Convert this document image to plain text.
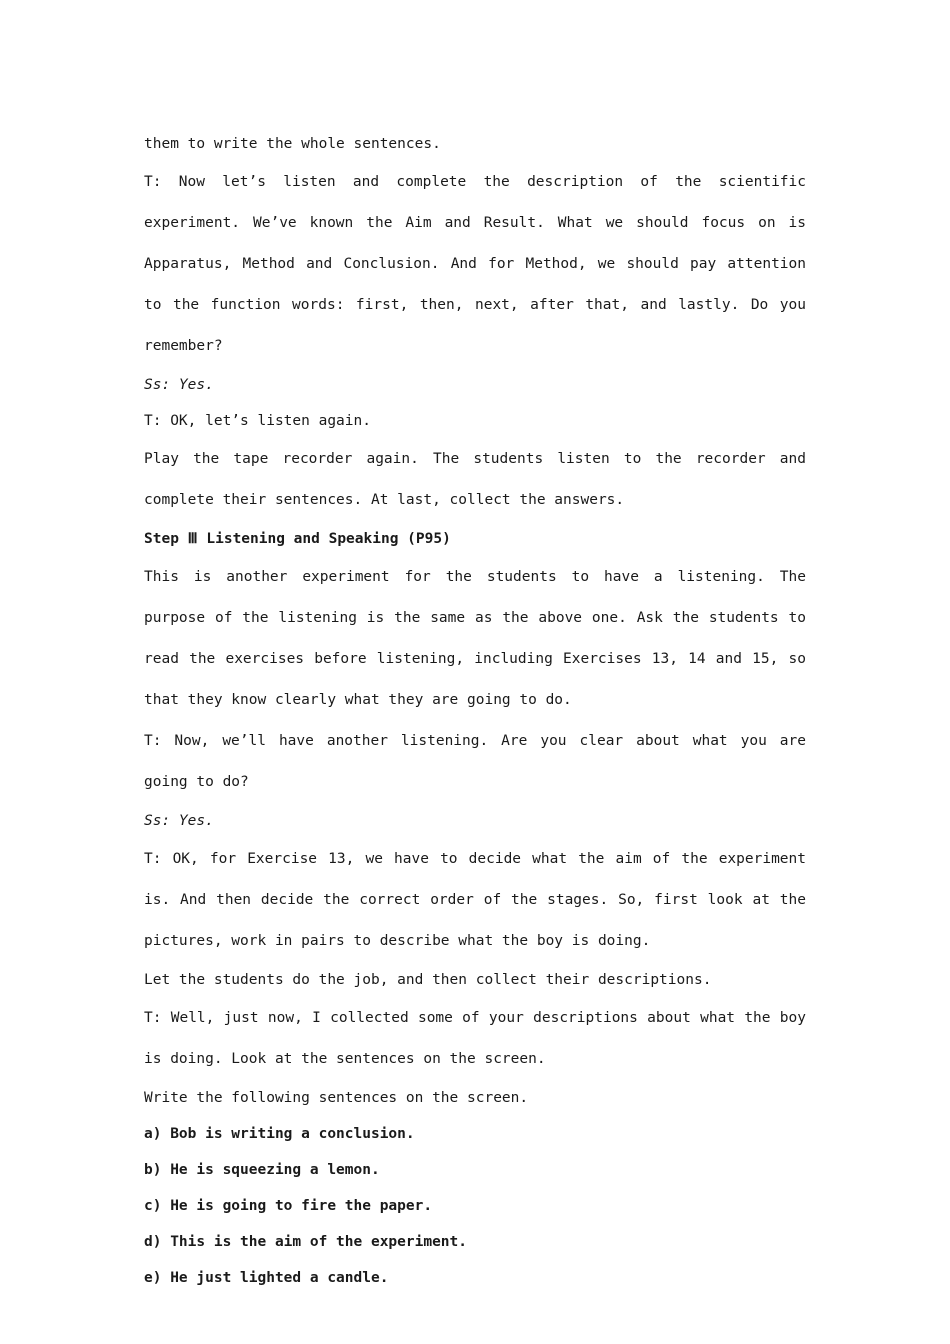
them to write the whole sentences.

T: Now let’s listen and complete the description of the scientific experiment. We’ve known the Aim and Result. What we should focus on is Apparatus, Method and Conclusion. And for Method, we should pay attention to the function words: first, then, next, after that, and lastly. Do you remember?

Ss: Yes.

T: OK, let’s listen again.

Play the tape recorder again. The students listen to the recorder and complete their sentences. At last, collect the answers.

Step Ⅲ Listening and Speaking (P95)

This is another experiment for the students to have a listening. The purpose of the listening is the same as the above one. Ask the students to read the exercises before listening, including Exercises 13, 14 and 15, so that they know clearly what they are going to do.

T: Now, we’ll have another listening. Are you clear about what you are going to do?

Ss: Yes.

T: OK, for Exercise 13, we have to decide what the aim of the experiment is. And then decide the correct order of the stages. So, first look at the pictures, work in pairs to describe what the boy is doing.

Let the students do the job, and then collect their descriptions.

T: Well, just now, I collected some of your descriptions about what the boy is doing. Look at the sentences on the screen.

Write the following sentences on the screen.

a) Bob is writing a conclusion.

b) He is squeezing a lemon.

c) He is going to fire the paper.

d) This is the aim of the experiment.

e) He just lighted a candle.
